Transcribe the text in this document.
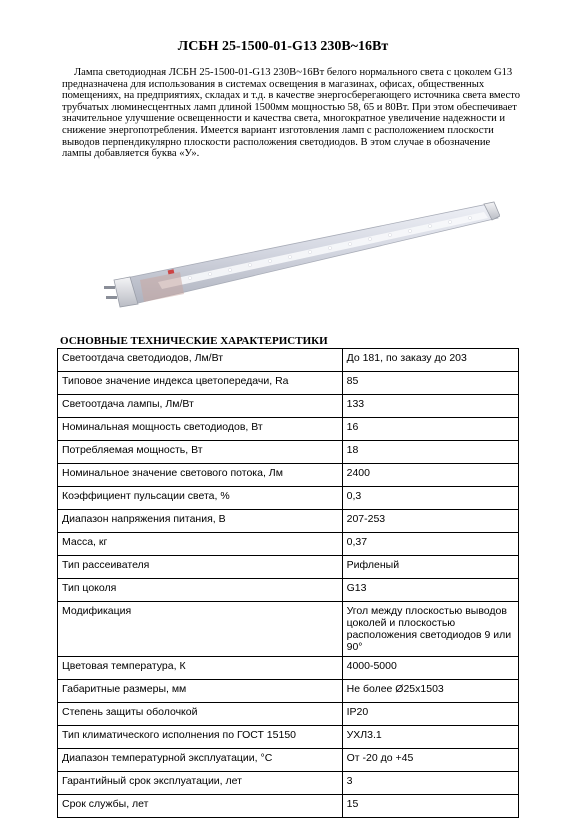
ЛСБН 25-1500-01-G13 230В~16Вт

Лампа светодиодная ЛСБН 25-1500-01-G13 230В~16Вт белого нормального света с цоколем G13 предназначена для использования в системах освещения в магазинах, офисах, общественных помещениях, на предприятиях, складах и т.д. в качестве энергосберегающего источника света вместо трубчатых люминесцентных ламп длиной 1500мм мощностью 58, 65 и 80Вт. При этом обеспечивает значительное улучшение освещенности и качества света, многократное увеличение надежности и снижение энергопотребления. Имеется вариант изготовления ламп с расположением плоскости выводов перпендикулярно плоскости расположения светодиодов. В этом случае в обозначение лампы добавляется буква «У».

ОСНОВНЫЕ ТЕХНИЧЕСКИЕ ХАРАКТЕРИСТИКИ
Светоотдача светодиодов, Лм/Вт	До 181, по заказу до 203
Типовое значение индекса цветопередачи, Ra	85
Светоотдача лампы, Лм/Вт	133
Номинальная мощность светодиодов, Вт	16
Потребляемая мощность, Вт	18
Номинальное значение светового потока, Лм	2400
Коэффициент пульсации света, %	0,3
Диапазон напряжения питания, В	207-253
Масса, кг	0,37
Тип рассеивателя	Рифленый
Тип цоколя	G13
Модификация	Угол между плоскостью выводов цоколей и плоскостью расположения светодиодов 9 или 90°
Цветовая температура, К	4000-5000
Габаритные размеры, мм	Не более Ø25x1503
Степень защиты оболочкой	IP20
Тип климатического исполнения по ГОСТ 15150	УХЛ3.1
Диапазон температурной эксплуатации, °С	От -20 до +45
Гарантийный срок эксплуатации, лет	3
Срок службы, лет	15
